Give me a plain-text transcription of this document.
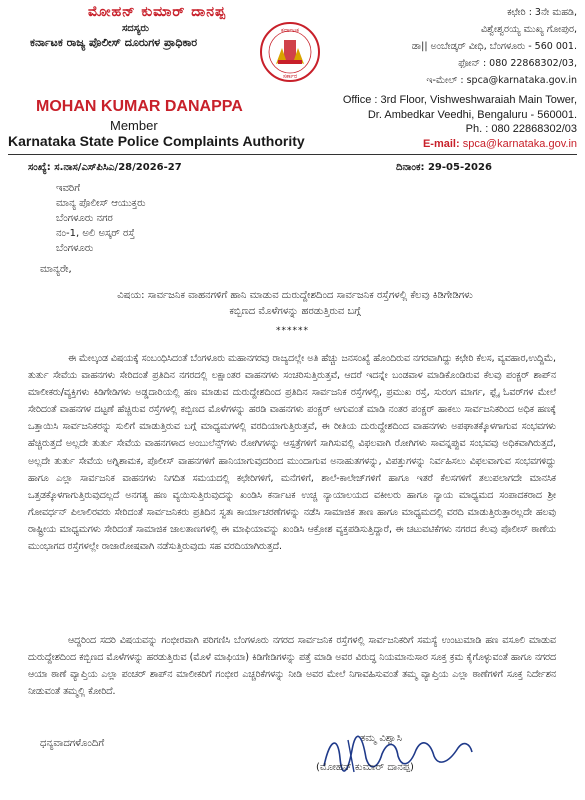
ಮೋಹನ್ ಕುಮಾರ್ ದಾನಪ್ಪ
ಸದಸ್ಯರು
ಕರ್ನಾಟಕ ರಾಜ್ಯ ಪೊಲೀಸ್ ದೂರುಗಳ ಪ್ರಾಧಿಕಾರ
ಕರ್ನಾಟಕ
ಸರ್ಕಾರ
ಕಛೇರಿ : 3ನೇ ಮಹಡಿ,
ವಿಶ್ವೇಶ್ವರಯ್ಯ ಮುಖ್ಯ ಗೋಪುರ,
ಡಾ|| ಅಂಬೇಡ್ಕರ್ ವೀಧಿ, ಬೆಂಗಳೂರು - 560 001.
ಫೋನ್ : 080 22868302/03,
ಇ-ಮೇಲ್ : spca@karnataka.gov.in
MOHAN KUMAR DANAPPA
Member
Karnataka State Police Complaints Authority
Office : 3rd Floor, Vishweshwaraiah Main Tower,
Dr. Ambedkar Veedhi, Bengaluru - 560001.
Ph. : 080 22868302/03
E-mail: spca@karnataka.gov.in
ಸಂಖ್ಯೆ: ಸ.ನಾಸ/ಎಸ್‌ಪಿಸಿಎ/28/2026-27	ದಿನಾಂಕ: 29-05-2026
ಇವರಿಗೆ
ಮಾನ್ಯ ಪೊಲೀಸ್ ಆಯುಕ್ತರು
ಬೆಂಗಳೂರು ನಗರ
ನಂ-1, ಅಲಿ ಅಸ್ಕರ್ ರಸ್ತೆ
ಬೆಂಗಳೂರು
ಮಾನ್ಯರೇ,
ವಿಷಯ: ಸಾರ್ವಜನಿಕ ವಾಹನಗಳಿಗೆ ಹಾನಿ ಮಾಡುವ ದುರುದ್ದೇಶದಿಂದ ಸಾರ್ವಜನಿಕ ರಸ್ತೆಗಳಲ್ಲಿ ಕೆಲವು ಕಿಡಿಗೇಡಿಗಳು
ಕಬ್ಬಿಣದ ಮೊಳೆಗಳನ್ನು ಹರಡುತ್ತಿರುವ ಬಗ್ಗೆ
******
ಈ ಮೇಲ್ಕಂಡ ವಿಷಯಕ್ಕೆ ಸಂಬಂಧಿಸಿದಂತೆ ಬೆಂಗಳೂರು ಮಹಾನಗರವು ರಾಜ್ಯದಲ್ಲೇ ಅತಿ ಹೆಚ್ಚು ಜನಸಂಖ್ಯೆ ಹೊಂದಿರುವ ನಗರವಾಗಿದ್ದು ಕಛೇರಿ ಕೆಲಸ, ವ್ಯವಹಾರ,ಉದ್ದಿಮೆ, ತುರ್ತು ಸೇವೆಯ ವಾಹನಗಳು ಸೇರಿದಂತೆ ಪ್ರತಿದಿನ ನಗರದಲ್ಲಿ ಲಕ್ಷಾಂತರ ವಾಹನಗಳು ಸಂಚರಿಸುತ್ತಿರುತ್ತವೆ, ಆದರೆ ಇದನ್ನೇ ಬಂಡವಾಳ ಮಾಡಿಕೊಂಡಿರುವ ಕೆಲವು ಪಂಕ್ಚರ್ ಶಾಪ್‌ನ ಮಾಲೀಕರು/ವ್ಯಕ್ತಿಗಳು ಕಿಡಿಗೇಡಿಗಳು ಅಡ್ಡದಾರಿಯಲ್ಲಿ ಹಣ ಮಾಡುವ ದುರುದ್ದೇಶದಿಂದ ಪ್ರತಿದಿನ ಸಾರ್ವಜನಿಕ ರಸ್ತೆಗಳಲ್ಲಿ, ಪ್ರಮುಖ ರಸ್ತೆ, ಸುರಂಗ ಮಾರ್ಗ, ಫ್ಲೈ ಓವರ್‌ಗಳ ಮೇಲೆ ಸೇರಿದಂತೆ ವಾಹನಗಳ ದಟ್ಟಣೆ ಹೆಚ್ಚಿರುವ ರಸ್ತೆಗಳಲ್ಲಿ ಕಬ್ಬಿಣದ ಮೊಳೆಗಳನ್ನು ಹರಡಿ ವಾಹನಗಳು ಪಂಕ್ಚರ್ ಆಗುವಂತೆ ಮಾಡಿ ನಂತರ ಪಂಕ್ಚರ್ ಹಾಕಲು ಸಾರ್ವಜನಿಕರಿಂದ ಅಧಿಕ ಹಣಕ್ಕೆ ಒತ್ತಾಯಿಸಿ ಸಾರ್ವಜನಿಕರನ್ನು ಸುಲಿಗೆ ಮಾಡುತ್ತಿರುವ ಬಗ್ಗೆ ಮಾಧ್ಯಮಗಳಲ್ಲಿ ವರದಿಯಾಗುತ್ತಿರುತ್ತವೆ, ಈ ರೀತಿಯ ದುರುದ್ದೇಶದಿಂದ ವಾಹನಗಳು ಅಪಘಾತಕ್ಕೊಳಗಾಗುವ ಸಂಭವಗಳು ಹೆಚ್ಚಿರುತ್ತದೆ ಅಲ್ಲದೇ ತುರ್ತು ಸೇವೆಯ ವಾಹನಗಳಾದ ಅಂಬುಲೆನ್ಸ್‌ಗಳು ರೋಗಿಗಳನ್ನು ಆಸ್ಪತ್ರೆಗಳಿಗೆ ಸಾಗಿಸುವಲ್ಲಿ ವಿಫಲವಾಗಿ ರೋಗಿಗಳು ಸಾವನ್ನಪ್ಪುವ ಸಂಭವವು ಅಧಿಕವಾಗಿರುತ್ತದೆ, ಅಲ್ಲದೇ ತುರ್ತು ಸೇವೆಯ ಅಗ್ನಿಶಾಮಕ, ಪೊಲೀಸ್ ವಾಹನಗಳಿಗೆ ಹಾನಿಯಾಗುವುದರಿಂದ ಮುಂದಾಗುವ ಅನಾಹುತಗಳನ್ನು, ವಿಪತ್ತುಗಳನ್ನು ನಿರ್ವಹಿಸಲು ವಿಫಲವಾಗುವ ಸಂಭವಗಳಿದ್ದು ಹಾಗೂ ಎಲ್ಲಾ ಸಾರ್ವಜನಿಕ ವಾಹನಗಳು ನಿಗದಿತ ಸಮಯದಲ್ಲಿ ಕಛೇರಿಗಳಿಗೆ, ಮನೆಗಳಿಗೆ, ಶಾಲೆ-ಕಾಲೇಜ್‌ಗಳಿಗೆ ಹಾಗೂ ಇತರೆ ಕೆಲಸಗಳಿಗೆ ತಲುಪಲಾಗದೇ ಮಾನಸಿಕ ಒತ್ತಡಕ್ಕೊಳಗಾಗುತ್ತಿರುವುದಲ್ಲದೆ ಅನಗತ್ಯ ಹಣ ವ್ಯಯಿಸುತ್ತಿರುವುದನ್ನು ಖಂಡಿಸಿ ಕರ್ನಾಟಕ ಉಚ್ಚ ನ್ಯಾಯಾಲಯದ ವಕೀಲರು ಹಾಗೂ ನ್ಯಾಯ ಮಾಧ್ಯಮದ ಸಂಪಾದಕರಾದ ಶ್ರೀ ಗೋವರ್ಧನ್ ಪಿಲಾಲಿರವರು ಸೇರಿದಂತೆ ಸಾರ್ವಜನಿಕರು ಪ್ರತಿದಿನ ಸ್ವತಃ ಕಾರ್ಯಾಚರಣೆಗಳನ್ನು ನಡೆಸಿ ಸಾಮಾಜಿಕ ತಾಣ ಹಾಗೂ ಮಾಧ್ಯಮದಲ್ಲಿ ವರದಿ ಮಾಡುತ್ತಿರುತ್ತಾರಲ್ಲದೇ ಹಲವು ರಾಷ್ಟ್ರೀಯ ಮಾಧ್ಯಮಗಳು ಸೇರಿದಂತೆ ಸಾಮಾಜಿಕ ಜಾಲತಾಣಗಳಲ್ಲಿ ಈ ಮಾಫಿಯಾವನ್ನು ಖಂಡಿಸಿ ಆಕ್ರೋಶ ವ್ಯಕ್ತಪಡಿಸುತ್ತಿದ್ದಾರೆ, ಈ ಚಟುವಟಿಕೆಗಳು ನಗರದ ಕೆಲವು ಪೊಲೀಸ್ ಠಾಣೆಯ ಮುಂಭಾಗದ ರಸ್ತೆಗಳಲ್ಲೇ ರಾಜಾರೋಷವಾಗಿ ನಡೆಸುತ್ತಿರುವುದು ಸಹ ವರದಿಯಾಗಿರುತ್ತದೆ.
ಆದ್ದರಿಂದ ಸದರಿ ವಿಷಯವನ್ನು ಗಂಭೀರವಾಗಿ ಪರಿಗಣಿಸಿ ಬೆಂಗಳೂರು ನಗರದ ಸಾರ್ವಜನಿಕ ರಸ್ತೆಗಳಲ್ಲಿ ಸಾರ್ವಜನಿಕರಿಗೆ ಸಮಸ್ಯೆ ಉಂಟುಮಾಡಿ ಹಣ ವಸೂಲಿ ಮಾಡುವ ದುರುದ್ದೇಶದಿಂದ ಕಬ್ಬಿಣದ ಮೊಳೆಗಳನ್ನು ಹರಡುತ್ತಿರುವ (ಮೊಳೆ ಮಾಫಿಯಾ) ಕಿಡಿಗೇಡಿಗಳನ್ನು ಪತ್ತೆ ಮಾಡಿ ಅವರ ವಿರುದ್ಧ ನಿಯಮಾನುಸಾರ ಸೂಕ್ತ ಕ್ರಮ ಕೈಗೊಳ್ಳುವಂತೆ ಹಾಗೂ ನಗರದ ಆಯಾ ಠಾಣೆ ವ್ಯಾಪ್ತಿಯ ಎಲ್ಲಾ ಪಂಚರ್ ಶಾಪ್‌ನ ಮಾಲೀಕರಿಗೆ ಗಂಭೀರ ಎಚ್ಚರಿಕೆಗಳನ್ನು ನೀಡಿ ಅವರ ಮೇಲೆ ನಿಗಾವಹಿಸುವಂತೆ ತಮ್ಮ ವ್ಯಾಪ್ತಿಯ ಎಲ್ಲಾ ಠಾಣೆಗಳಿಗೆ ಸೂಕ್ತ ನಿರ್ದೇಶನ ನೀಡುವಂತೆ ತಮ್ಮಲ್ಲಿ ಕೋರಿದೆ.
ಧನ್ಯವಾದಗಳೊಂದಿಗೆ	ತಮ್ಮ ವಿಶ್ವಾಸಿ
(ಮೋಹನ್ ಕುಮಾರ್ ದಾನಪ್ಪ)
